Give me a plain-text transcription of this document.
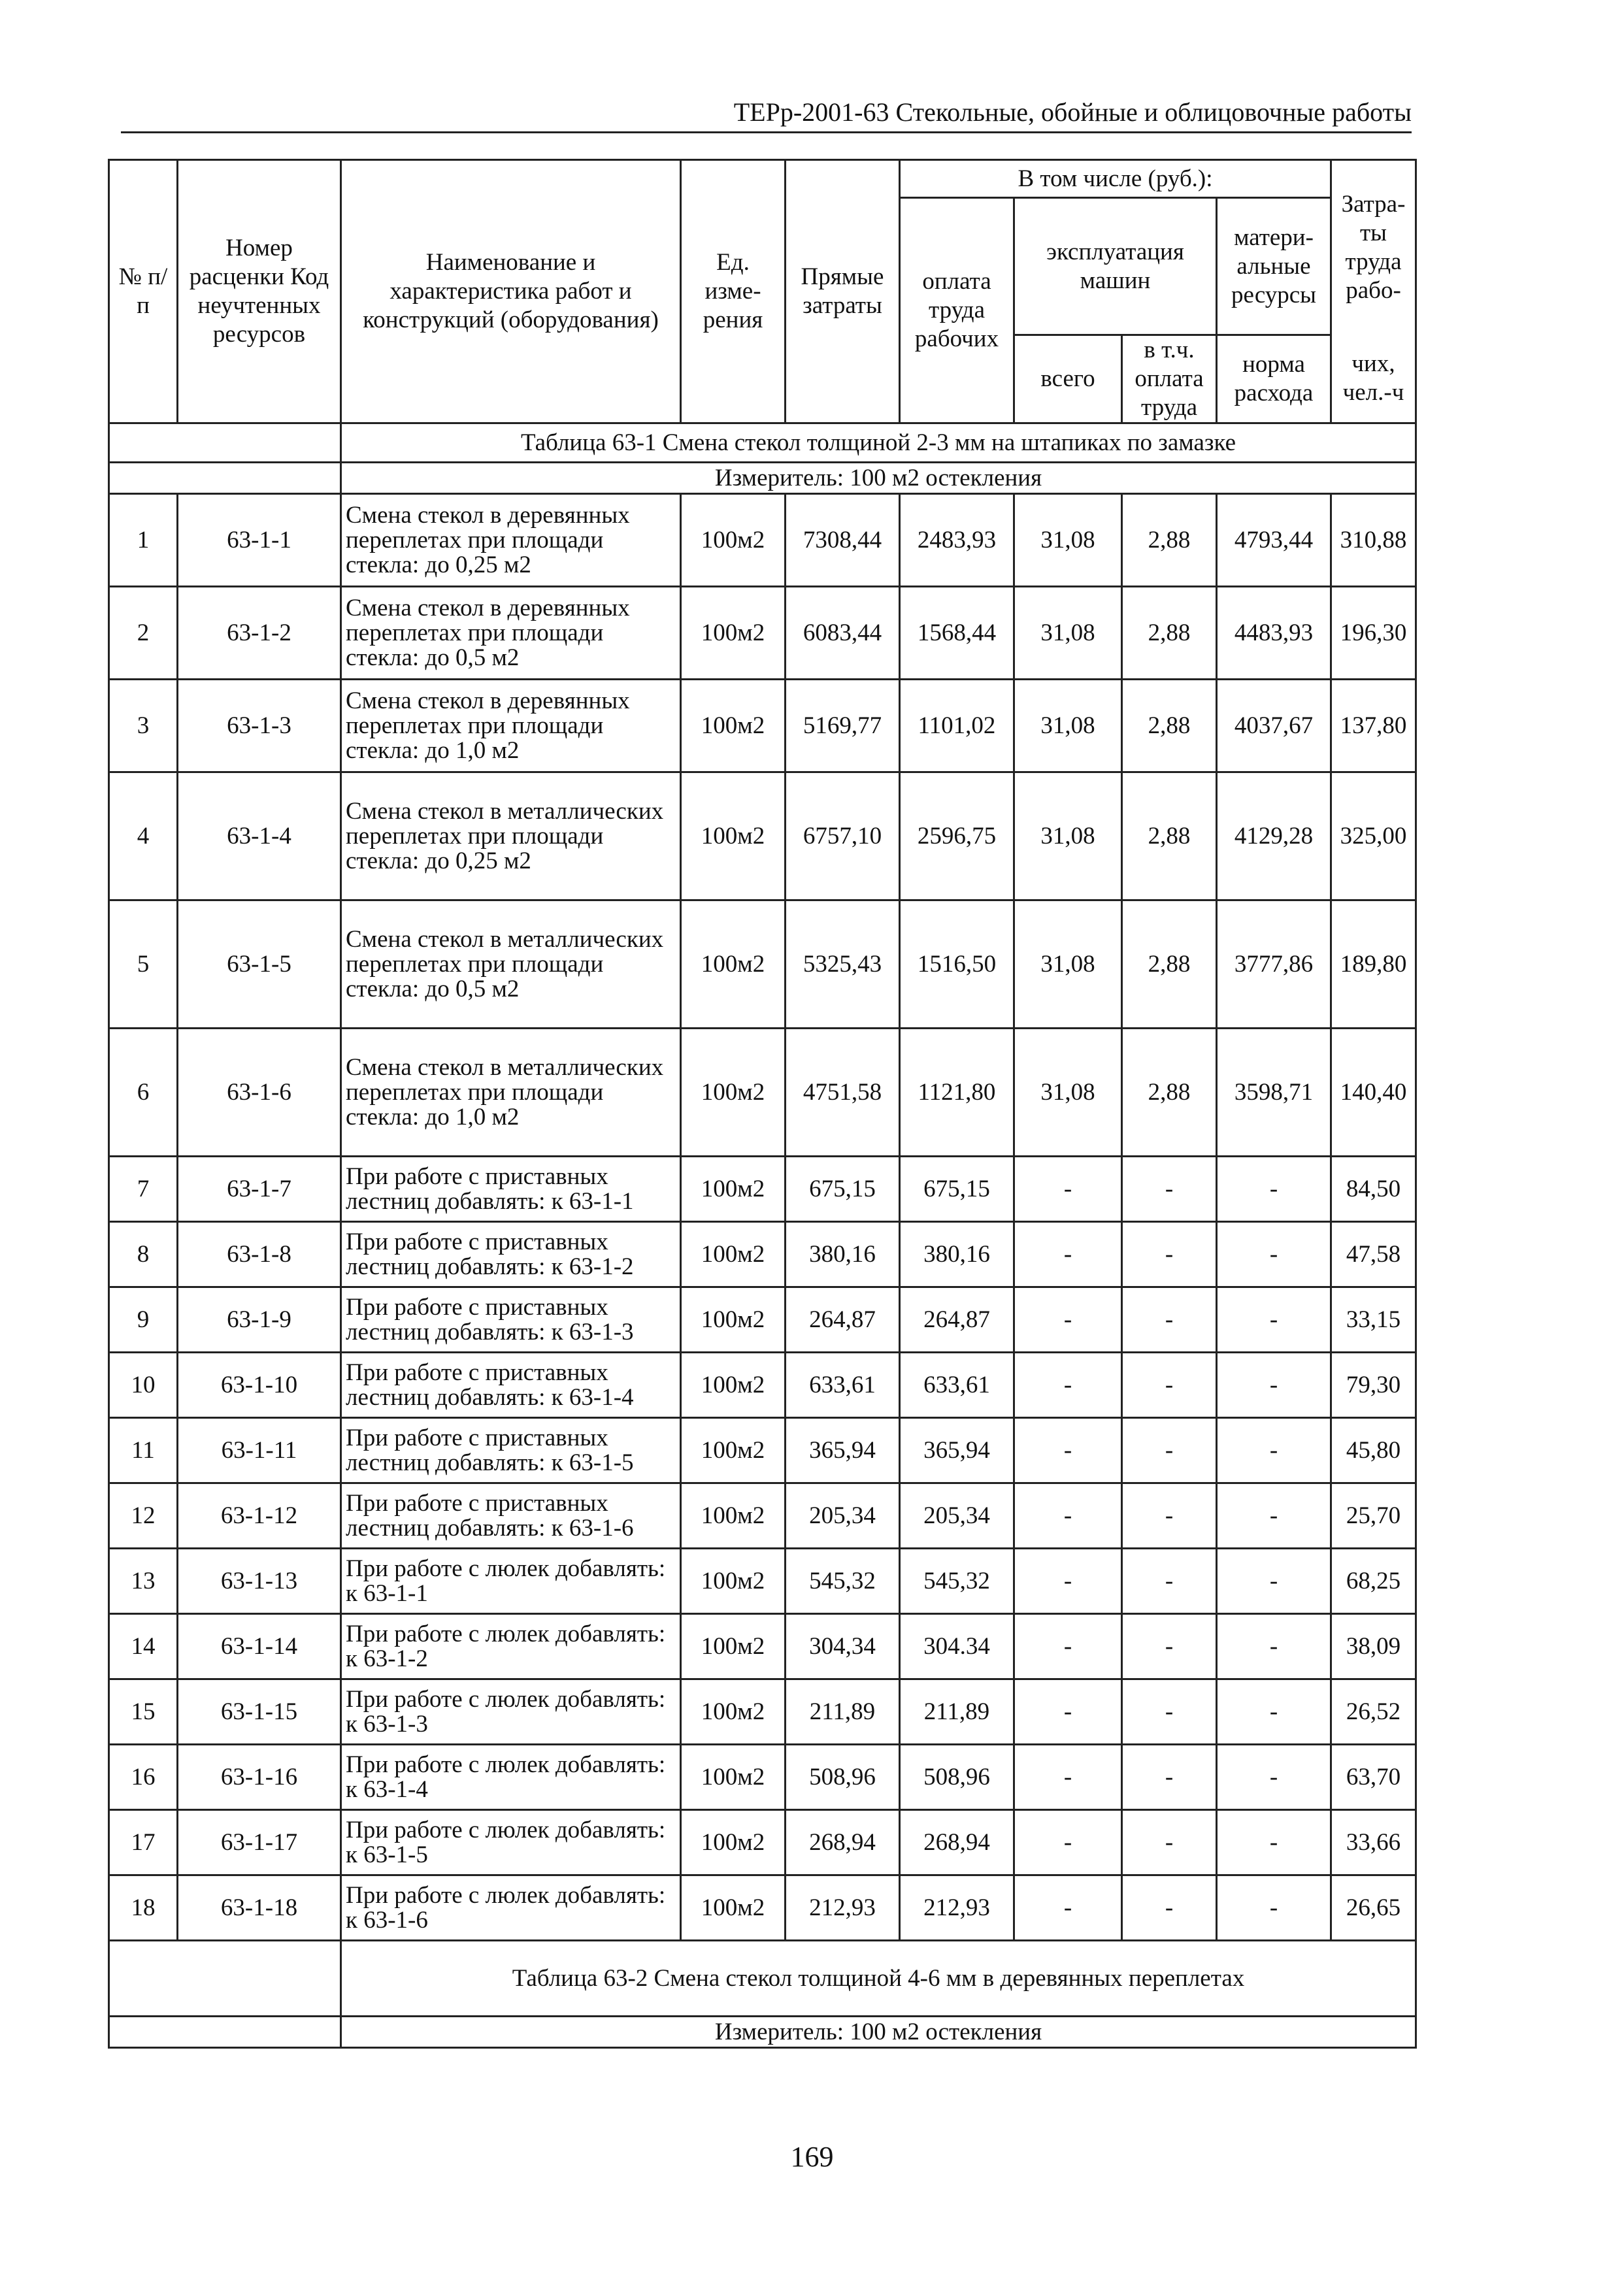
ТЕРр-2001-63 Стекольные, обойные и облицовочные работы
№ п/п	Номер расценки Код неучтенных ресурсов	Наименование и характеристика работ и конструкций (оборудования)	Ед. изме- рения	Прямые затраты	В том числе (руб.):				Затра- ты труда рабо-
					оплата труда рабочих	эксплуатация машин		матери- альные ресурсы	
						всего	в т.ч. оплата труда	норма расхода	чих, чел.-ч

		Таблица 63-1 Смена стекол толщиной 2-3 мм на штапиках по замазке							
		Измеритель: 100 м2 остекления							
1	63-1-1	Смена стекол в деревянных переплетах при площади стекла: до 0,25 м2	100м2	7308,44	2483,93	31,08	2,88	4793,44	310,88
2	63-1-2	Смена стекол в деревянных переплетах при площади стекла: до 0,5 м2	100м2	6083,44	1568,44	31,08	2,88	4483,93	196,30
3	63-1-3	Смена стекол в деревянных переплетах при площади стекла: до 1,0 м2	100м2	5169,77	1101,02	31,08	2,88	4037,67	137,80
4	63-1-4	Смена стекол в металлических переплетах при площади стекла: до 0,25 м2	100м2	6757,10	2596,75	31,08	2,88	4129,28	325,00
5	63-1-5	Смена стекол в металлических переплетах при площади стекла: до 0,5 м2	100м2	5325,43	1516,50	31,08	2,88	3777,86	189,80
6	63-1-6	Смена стекол в металлических переплетах при площади стекла: до 1,0 м2	100м2	4751,58	1121,80	31,08	2,88	3598,71	140,40
7	63-1-7	При работе с приставных лестниц добавлять: к 63-1-1	100м2	675,15	675,15	-	-	-	84,50
8	63-1-8	При работе с приставных лестниц добавлять: к 63-1-2	100м2	380,16	380,16	-	-	-	47,58
9	63-1-9	При работе с приставных лестниц добавлять: к 63-1-3	100м2	264,87	264,87	-	-	-	33,15
10	63-1-10	При работе с приставных лестниц добавлять: к 63-1-4	100м2	633,61	633,61	-	-	-	79,30
11	63-1-11	При работе с приставных лестниц добавлять: к 63-1-5	100м2	365,94	365,94	-	-	-	45,80
12	63-1-12	При работе с приставных лестниц добавлять: к 63-1-6	100м2	205,34	205,34	-	-	-	25,70
13	63-1-13	При работе с люлек добавлять: к 63-1-1	100м2	545,32	545,32	-	-	-	68,25
14	63-1-14	При работе с люлек добавлять: к 63-1-2	100м2	304,34	304.34	-	-	-	38,09
15	63-1-15	При работе с люлек добавлять: к 63-1-3	100м2	211,89	211,89	-	-	-	26,52
16	63-1-16	При работе с люлек добавлять: к 63-1-4	100м2	508,96	508,96	-	-	-	63,70
17	63-1-17	При работе с люлек добавлять: к 63-1-5	100м2	268,94	268,94	-	-	-	33,66
18	63-1-18	При работе с люлек добавлять: к 63-1-6	100м2	212,93	212,93	-	-	-	26,65
		Таблица 63-2 Смена стекол толщиной 4-6 мм в деревянных переплетах							
		Измеритель: 100 м2 остекления							
169
